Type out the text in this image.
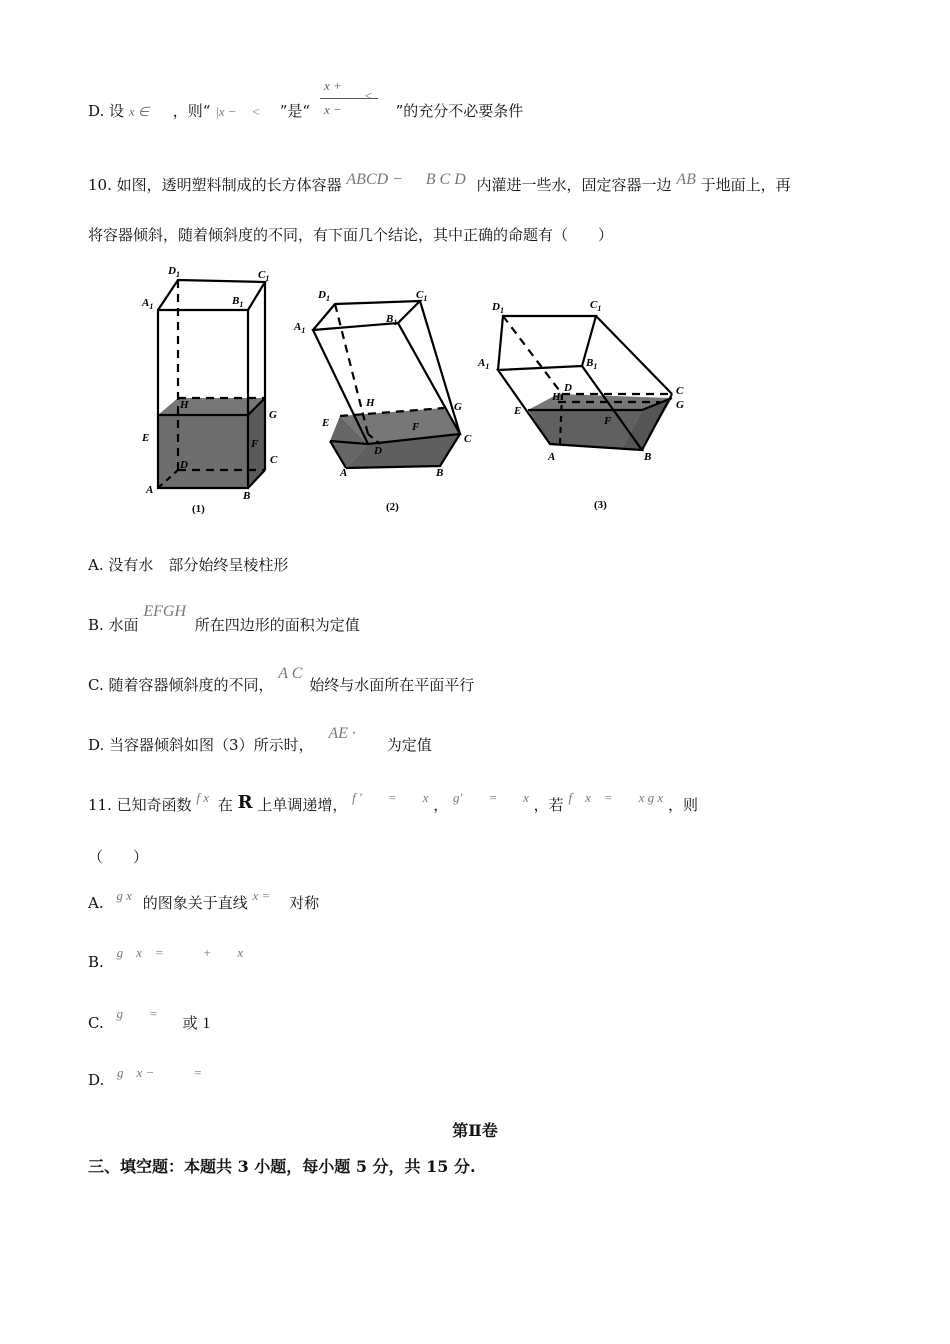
D. 设 x ∈ ，则“ |x − < ”是“	”的充分不必要条件
x +
x −
<
10. 如图，透明塑料制成的长方体容器 ABCD − B C D 内灌进一些水，固定容器一边 AB 于地面上，再
将容器倾斜，随着倾斜度的不同，有下面几个结论，其中正确的命题有（　　）
$D_1$	$C_1$
$A_1$	$B_1$
H
G
E	F
D	C
A	B
(1)
$D_1$	$C_1$
$A_1$
$B_1$
H	G
E	F
D
C
A	B
(2)
$D_1$	$C_1$
$A_1$	$B_1$
D
H	C
G
E
F
A	B
(3)
A. 没有水　部分始终呈棱柱形
B. 水面 EFGH 所在四边形的面积为定值
C. 随着容器倾斜度的不同， A C 始终与水面所在平面平行
D. 当容器倾斜如图（3）所示时， AE · 为定值
11. 已知奇函数 f x 在 R 上单调递增， f ′　　=　　x ， g′　　=　　x ，若 f　x　=　　x g x ，则
（　　）
A. g x 的图象关于直线 x = 对称
B. g　x　=　　　+　　x
C. g　　= 或 1
D. g　x −　　　=
第Ⅱ卷
三、填空题：本题共 3 小题，每小题 5 分，共 15 分.
